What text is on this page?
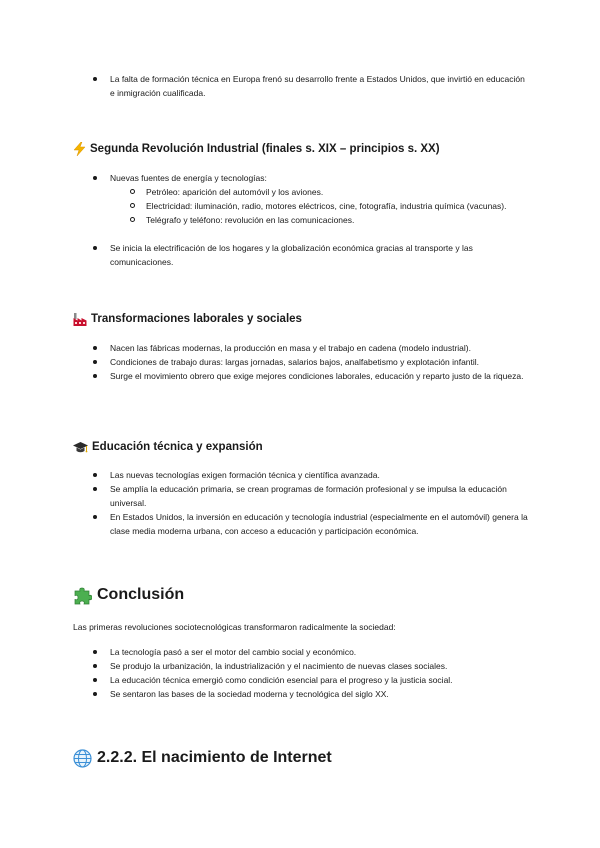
La falta de formación técnica en Europa frenó su desarrollo frente a Estados Unidos, que invirtió en educación e inmigración cualificada.
Segunda Revolución Industrial (finales s. XIX – principios s. XX)
Nuevas fuentes de energía y tecnologías:
Petróleo: aparición del automóvil y los aviones.
Electricidad: iluminación, radio, motores eléctricos, cine, fotografía, industria química (vacunas).
Telégrafo y teléfono: revolución en las comunicaciones.
Se inicia la electrificación de los hogares y la globalización económica gracias al transporte y las comunicaciones.
Transformaciones laborales y sociales
Nacen las fábricas modernas, la producción en masa y el trabajo en cadena (modelo industrial).
Condiciones de trabajo duras: largas jornadas, salarios bajos, analfabetismo y explotación infantil.
Surge el movimiento obrero que exige mejores condiciones laborales, educación y reparto justo de la riqueza.
Educación técnica y expansión
Las nuevas tecnologías exigen formación técnica y científica avanzada.
Se amplía la educación primaria, se crean programas de formación profesional y se impulsa la educación universal.
En Estados Unidos, la inversión en educación y tecnología industrial (especialmente en el automóvil) genera la clase media moderna urbana, con acceso a educación y participación económica.
Conclusión

Las primeras revoluciones sociotecnológicas transformaron radicalmente la sociedad:

La tecnología pasó a ser el motor del cambio social y económico.
Se produjo la urbanización, la industrialización y el nacimiento de nuevas clases sociales.
La educación técnica emergió como condición esencial para el progreso y la justicia social.
Se sentaron las bases de la sociedad moderna y tecnológica del siglo XX.
2.2.2. El nacimiento de Internet
